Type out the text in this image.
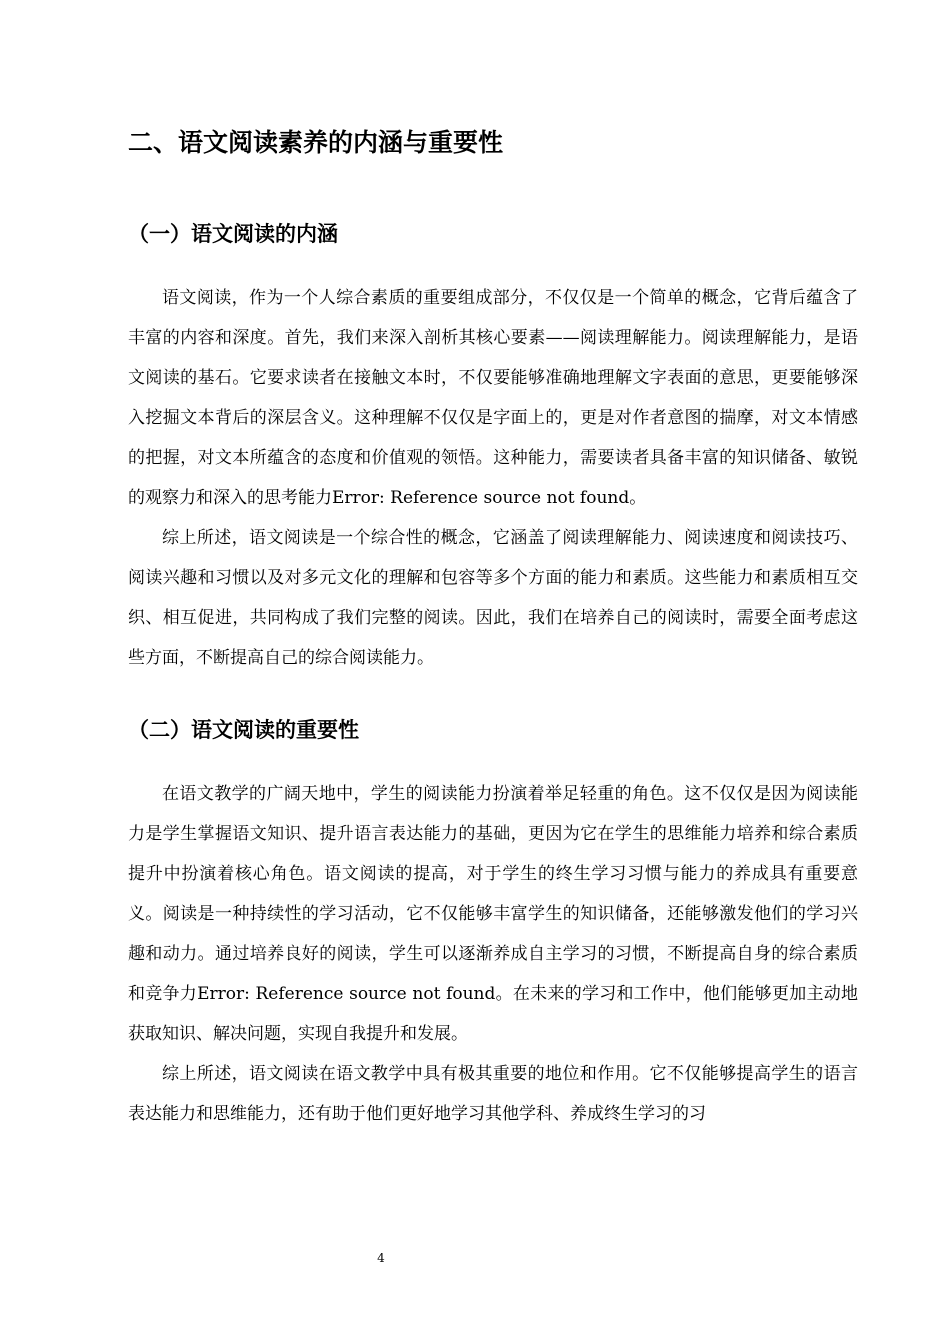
二、语文阅读素养的内涵与重要性
（一）语文阅读的内涵

语文阅读，作为一个人综合素质的重要组成部分，不仅仅是一个简单的概念，它背后蕴含了丰富的内容和深度。首先，我们来深入剖析其核心要素——阅读理解能力。阅读理解能力，是语文阅读的基石。它要求读者在接触文本时，不仅要能够准确地理解文字表面的意思，更要能够深入挖掘文本背后的深层含义。这种理解不仅仅是字面上的，更是对作者意图的揣摩，对文本情感的把握，对文本所蕴含的态度和价值观的领悟。这种能力，需要读者具备丰富的知识储备、敏锐的观察力和深入的思考能力Error: Reference source not found。

综上所述，语文阅读是一个综合性的概念，它涵盖了阅读理解能力、阅读速度和阅读技巧、阅读兴趣和习惯以及对多元文化的理解和包容等多个方面的能力和素质。这些能力和素质相互交织、相互促进，共同构成了我们完整的阅读。因此，我们在培养自己的阅读时，需要全面考虑这些方面，不断提高自己的综合阅读能力。

（二）语文阅读的重要性

在语文教学的广阔天地中，学生的阅读能力扮演着举足轻重的角色。这不仅仅是因为阅读能力是学生掌握语文知识、提升语言表达能力的基础，更因为它在学生的思维能力培养和综合素质提升中扮演着核心角色。语文阅读的提高，对于学生的终生学习习惯与能力的养成具有重要意义。阅读是一种持续性的学习活动，它不仅能够丰富学生的知识储备，还能够激发他们的学习兴趣和动力。通过培养良好的阅读，学生可以逐渐养成自主学习的习惯，不断提高自身的综合素质和竞争力Error: Reference source not found。在未来的学习和工作中，他们能够更加主动地获取知识、解决问题，实现自我提升和发展。

综上所述，语文阅读在语文教学中具有极其重要的地位和作用。它不仅能够提高学生的语言表达能力和思维能力，还有助于他们更好地学习其他学科、养成终生学习的习

4
